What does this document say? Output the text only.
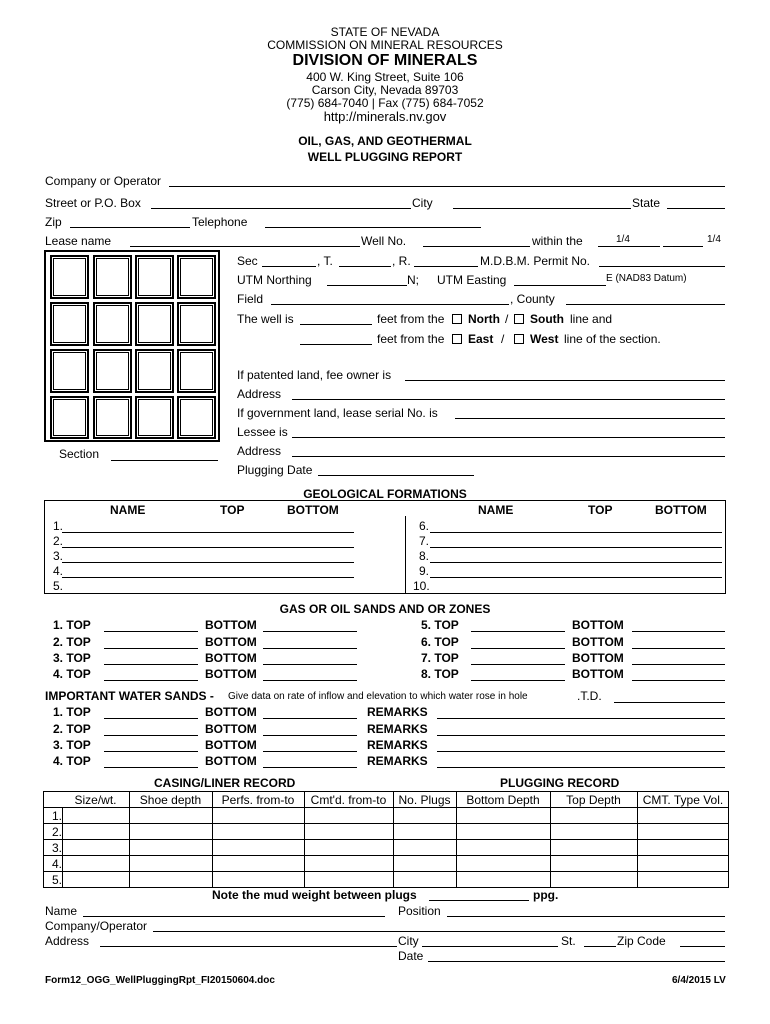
STATE OF NEVADA
COMMISSION ON MINERAL RESOURCES
DIVISION OF MINERALS
400 W. King Street, Suite 106
Carson City, Nevada 89703
(775) 684-7040 | Fax (775) 684-7052
http://minerals.nv.gov
OIL, GAS, AND GEOTHERMAL
WELL PLUGGING REPORT
Company or Operator
Street or P.O. Box	City	State
Zip	Telephone
Lease name	Well No.	within the	1/4	1/4
Section
Sec	, T.	, R.	M.D.B.M. Permit No.
UTM Northing	N; UTM Easting	E (NAD83 Datum)
Field	, County
The well is	feet from the North / South line and
feet from the East / West line of the section.
If patented land, fee owner is
Address
If government land, lease serial No. is
Lessee is
Address
Plugging Date
GEOLOGICAL FORMATIONS
NAME	TOP	BOTTOM	NAME	TOP	BOTTOM
1.
2.
3.
4.
5.
6.
7.
8.
9.
10.
GAS OR OIL SANDS AND OR ZONES
1. TOP	BOTTOM
2. TOP	BOTTOM
3. TOP	BOTTOM
4. TOP	BOTTOM
5. TOP	BOTTOM
6. TOP	BOTTOM
7. TOP	BOTTOM
8. TOP	BOTTOM
IMPORTANT WATER SANDS - Give data on rate of inflow and elevation to which water rose in hole	.T.D.
1. TOP	BOTTOM	REMARKS
2. TOP	BOTTOM	REMARKS
3. TOP	BOTTOM	REMARKS
4. TOP	BOTTOM	REMARKS
CASING/LINER RECORD	PLUGGING RECORD
Size/wt.	Shoe depth	Perfs. from-to	Cmt'd. from-to	No. Plugs	Bottom Depth	Top Depth	CMT. Type Vol.
1.
2.
3.
4.
5.
Note the mud weight between plugs	ppg.
Name	Position
Company/Operator
Address	City	St.	Zip Code
Date
Form12_OGG_WellPluggingRpt_FI20150604.doc	6/4/2015 LV
